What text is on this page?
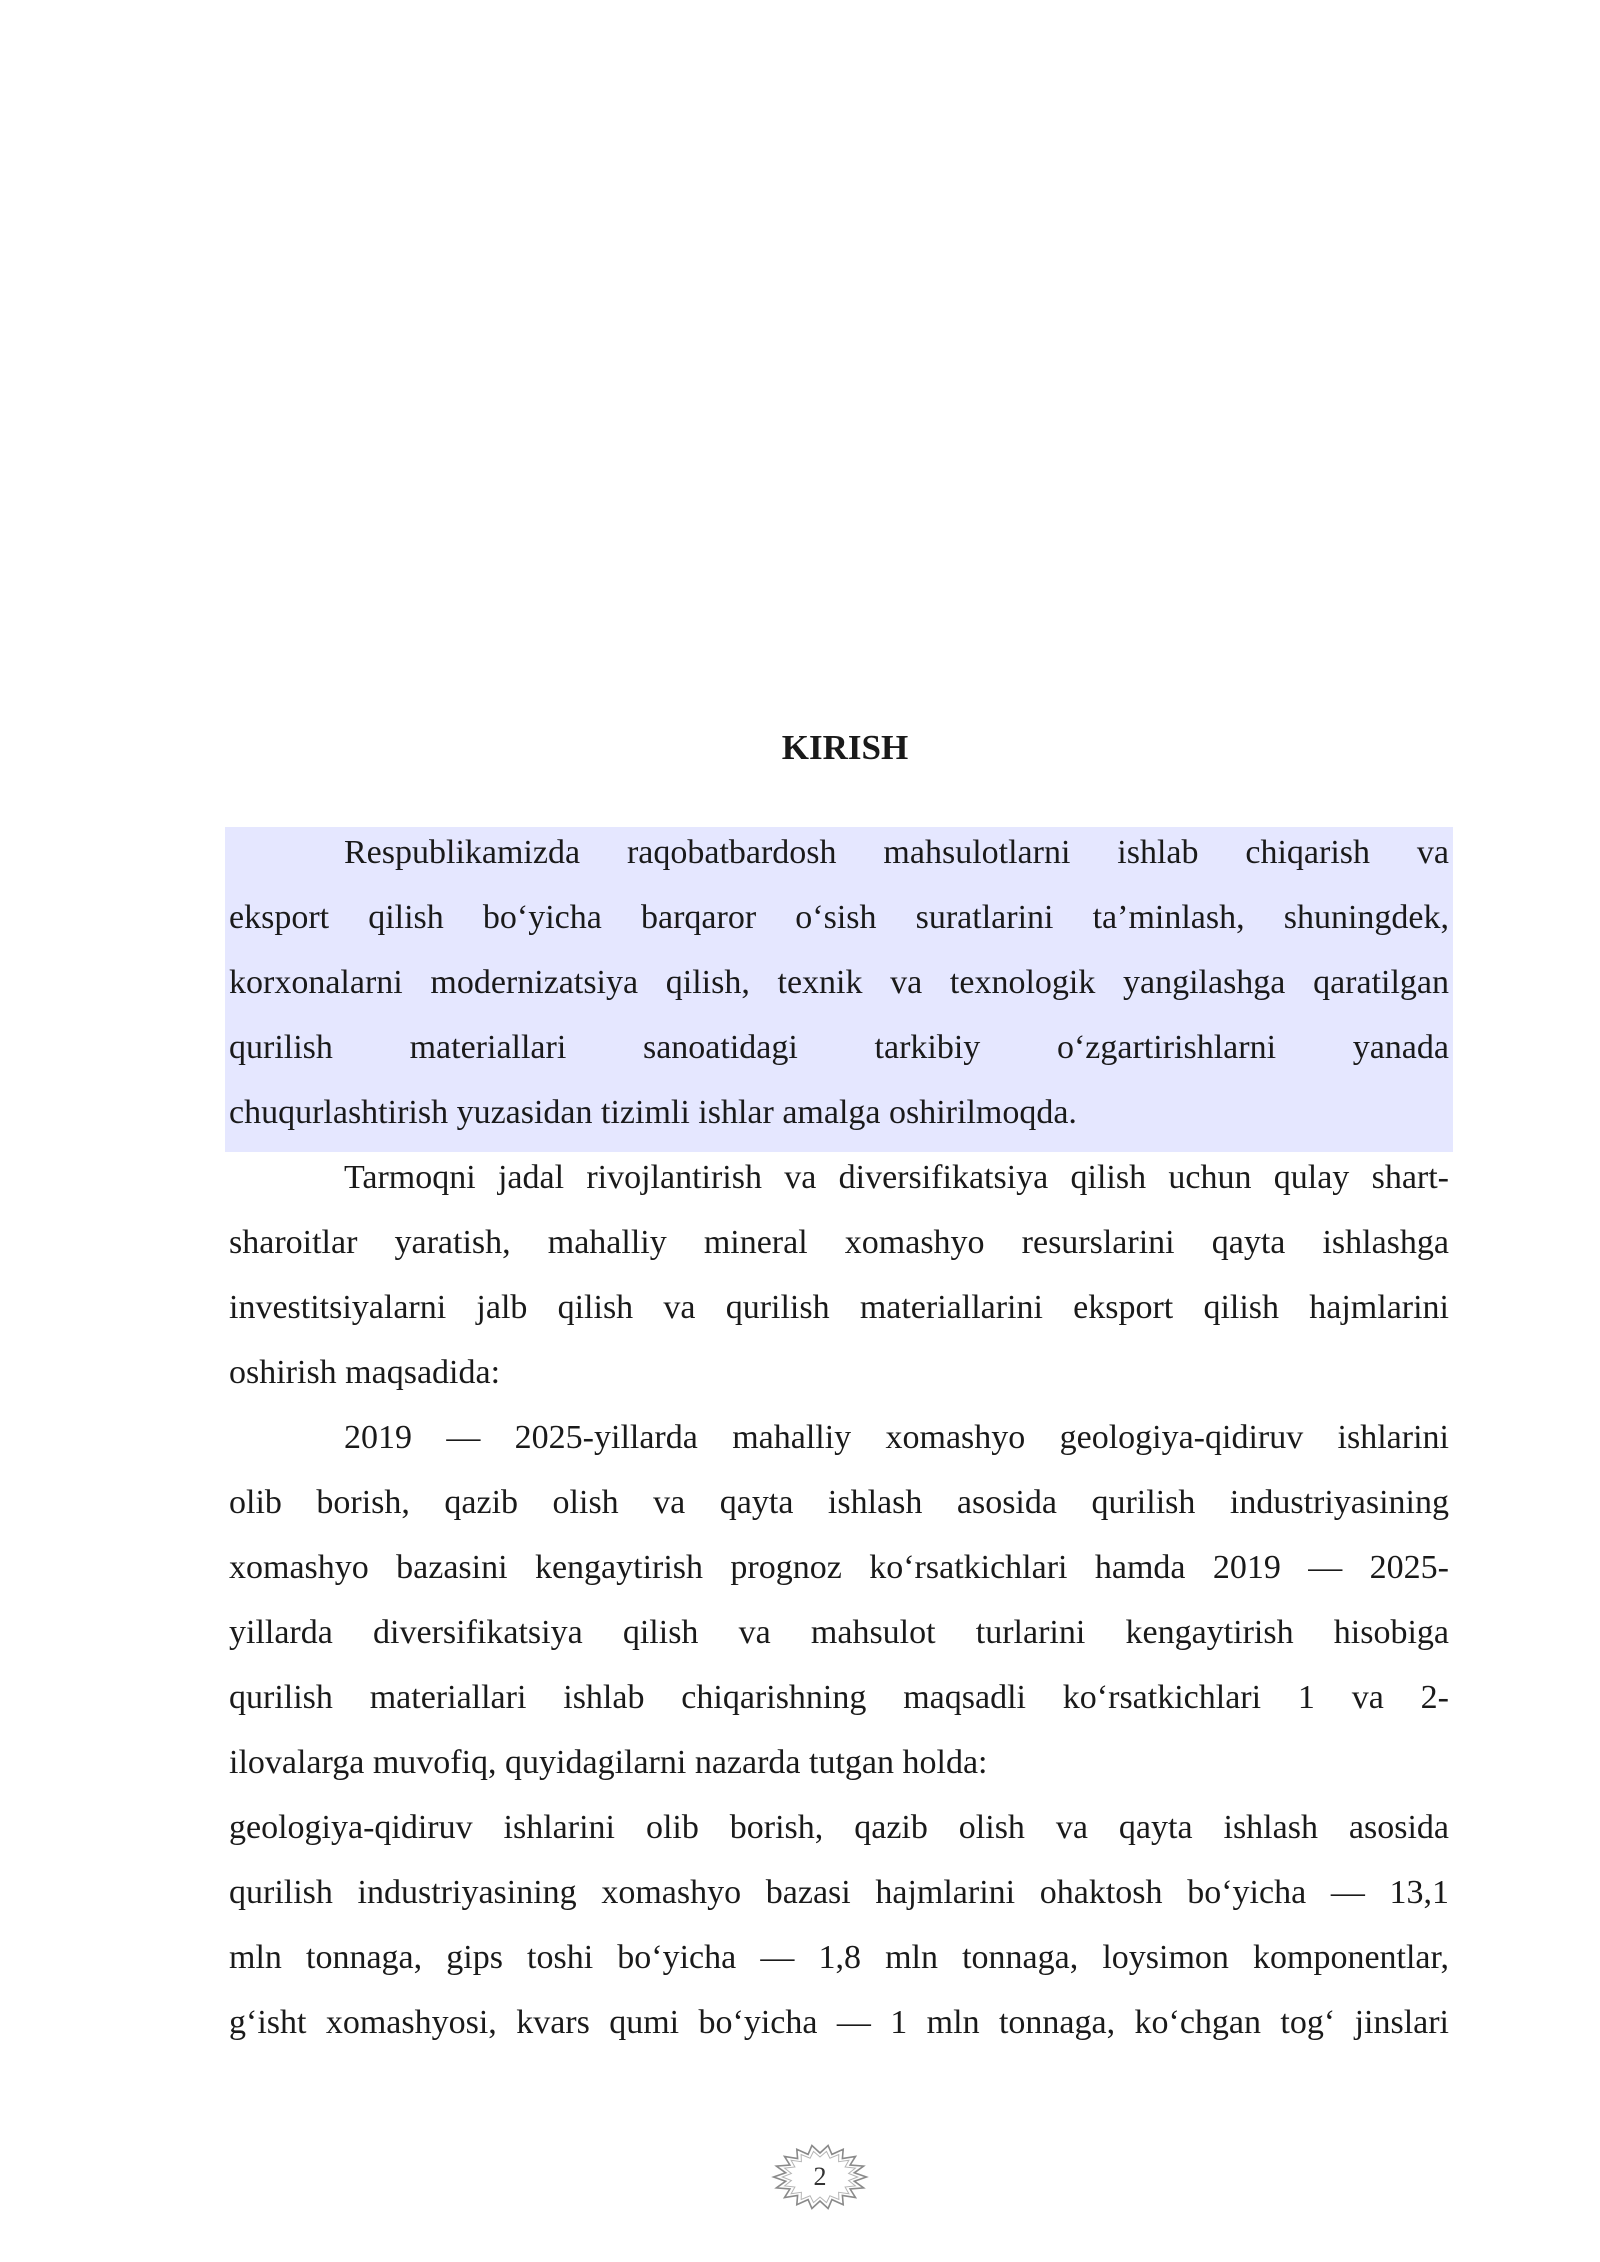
KIRISH
Respublikamizda raqobatbardosh mahsulotlarni ishlab chiqarish va
eksport qilish bo‘yicha barqaror o‘sish suratlarini ta’minlash, shuningdek,
korxonalarni modernizatsiya qilish, texnik va texnologik yangilashga qaratilgan
qurilish materiallari sanoatidagi tarkibiy o‘zgartirishlarni yanada
chuqurlashtirish yuzasidan tizimli ishlar amalga oshirilmoqda.
Tarmoqni jadal rivojlantirish va diversifikatsiya qilish uchun qulay shart-
sharoitlar yaratish, mahalliy mineral xomashyo resurslarini qayta ishlashga
investitsiyalarni jalb qilish va qurilish materiallarini eksport qilish hajmlarini
oshirish maqsadida:
2019 — 2025-yillarda mahalliy xomashyo geologiya-qidiruv ishlarini
olib borish, qazib olish va qayta ishlash asosida qurilish industriyasining
xomashyo bazasini kengaytirish prognoz ko‘rsatkichlari hamda 2019 — 2025-
yillarda diversifikatsiya qilish va mahsulot turlarini kengaytirish hisobiga
qurilish materiallari ishlab chiqarishning maqsadli ko‘rsatkichlari 1 va 2-
ilovalarga muvofiq, quyidagilarni nazarda tutgan holda:
geologiya-qidiruv ishlarini olib borish, qazib olish va qayta ishlash asosida
qurilish industriyasining xomashyo bazasi hajmlarini ohaktosh bo‘yicha — 13,1
mln tonnaga, gips toshi bo‘yicha — 1,8 mln tonnaga, loysimon komponentlar,
g‘isht xomashyosi, kvars qumi bo‘yicha — 1 mln tonnaga, ko‘chgan tog‘ jinslari
2
